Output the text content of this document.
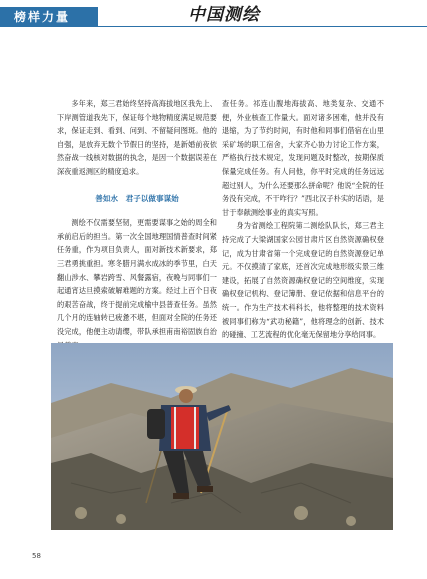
榜样力量	中国测绘

多年来，郑三君始终坚持高海拔地区我先上、下岸测管道我先下，保证每个地物精度满足规范要求，保证走到、看到、问到、不留疑问图斑。他的自强，是放弃无数个节假日的坚持，是新婚前夜依然奋战一线核对数据的执念，是因一个数据误差在深夜重返测区的精度追求。

善如水　君子以做事谋始

测绘不仅需要坚韧，更需要谋事之始的周全和承前启后的担当。第一次全国地理国情普查时间紧任务重，作为项目负责人，面对新技术新要求，郑三君勇挑重担。寒冬腊月满水成冰的季节里，白天翻山涉水、攀岩跨雪、风餐露宿，夜晚与同事们一起通宵达旦摸索破解难题的方案。经过上百个日夜的艰苦奋战，终于提前完成榆中县普查任务。虽然几个月的连轴转已疲惫不堪，但面对全院的任务还没完成，他便主动请缨，带队承担甫南裕固族自治

查任务。祁连山腹地海拔高、地类复杂、交通不便，外业核查工作量大。面对诸多困难，他并没有退缩，为了节约时间，有时他和同事们借宿在山里采矿场的职工宿舍，大家齐心协力讨论工作方案，严格执行技术规定，发现问题及时整改，按期保质保量完成任务。有人问他，你平时完成的任务远远超过别人，为什么还要那么拼命呢？他说“全院的任务没有完成，不干咋行？”西北汉子朴实的话语，是甘于奉献测绘事业的真实写照。

身为省测绘工程院第二测绘队队长，郑三君主持完成了大梁湖国家公园甘肃片区自然资源确权登记，成为甘肃省第一个完成登记的自然资源登记单元。不仅摸清了家底，还首次完成地形级实景三维建设，拓展了自然资源确权登记的空间维度，实现确权登记机构、登记簿册、登记依据和信息平台的统一。作为生产技术科科长，他将整理的技术资料被同事们称为“武功秘籍”，他将理念的创新、技术的碰撞、工艺流程的优化毫无保留地分享给同事。

58
